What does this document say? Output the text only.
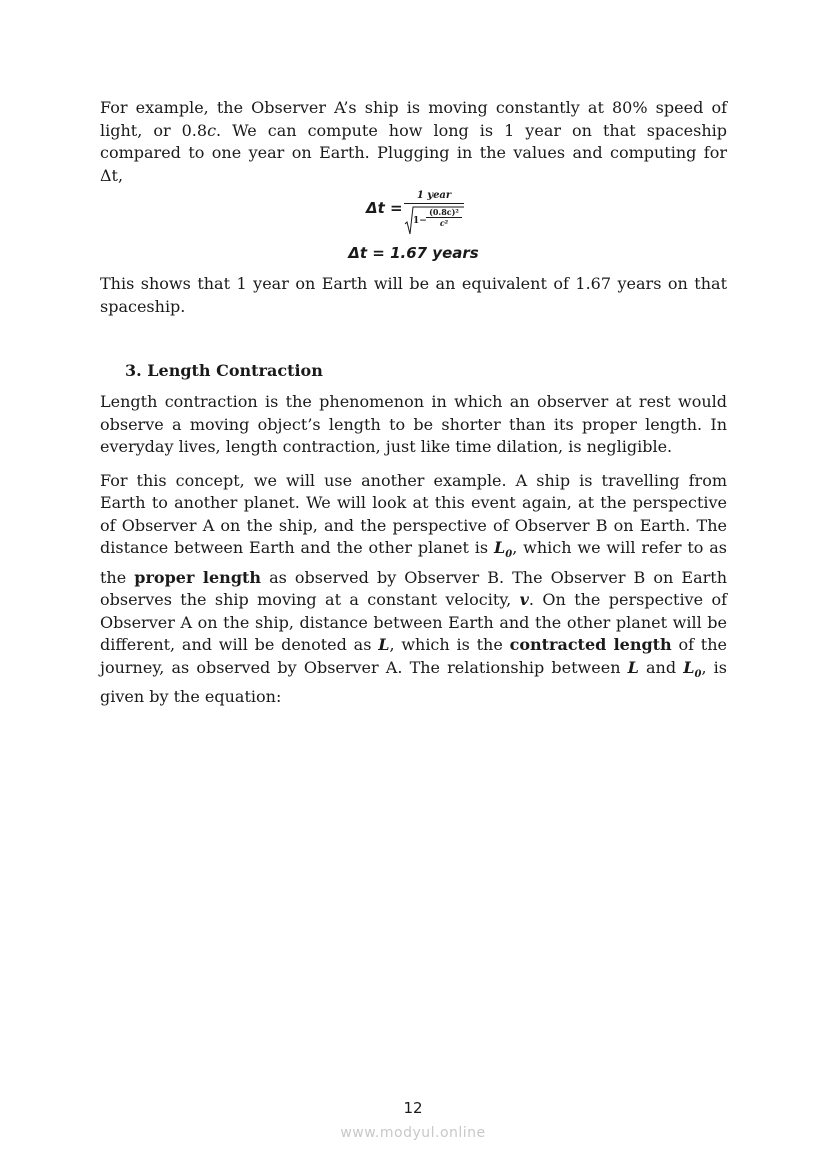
For example, the Observer A’s ship is moving constantly at 80% speed of light, or 0.8c. We can compute how long is 1 year on that spaceship compared to one year on Earth. Plugging in the values and computing for Δt,

Δt =
1 year
$1- \frac{\text{(0.8c)²}}{\text{c²}}$
Δt = 1.67 years

This shows that 1 year on Earth will be an equivalent of 1.67 years on that spaceship.

3. Length Contraction

Length contraction is the phenomenon in which an observer at rest would observe a moving object’s length to be shorter than its proper length. In everyday lives, length contraction, just like time dilation, is negligible.

For this concept, we will use another example. A ship is travelling from Earth to another planet. We will look at this event again, at the perspective of Observer A on the ship, and the perspective of Observer B on Earth. The distance between Earth and the other planet is $L_0$, which we will refer to as the proper length as observed by Observer B. The Observer B on Earth observes the ship moving at a constant velocity, v. On the perspective of Observer A on the ship, distance between Earth and the other planet will be different, and will be denoted as L, which is the contracted length of the journey, as observed by Observer A. The relationship between L and $L_0$, is given by the equation:

12
www.modyul.online
